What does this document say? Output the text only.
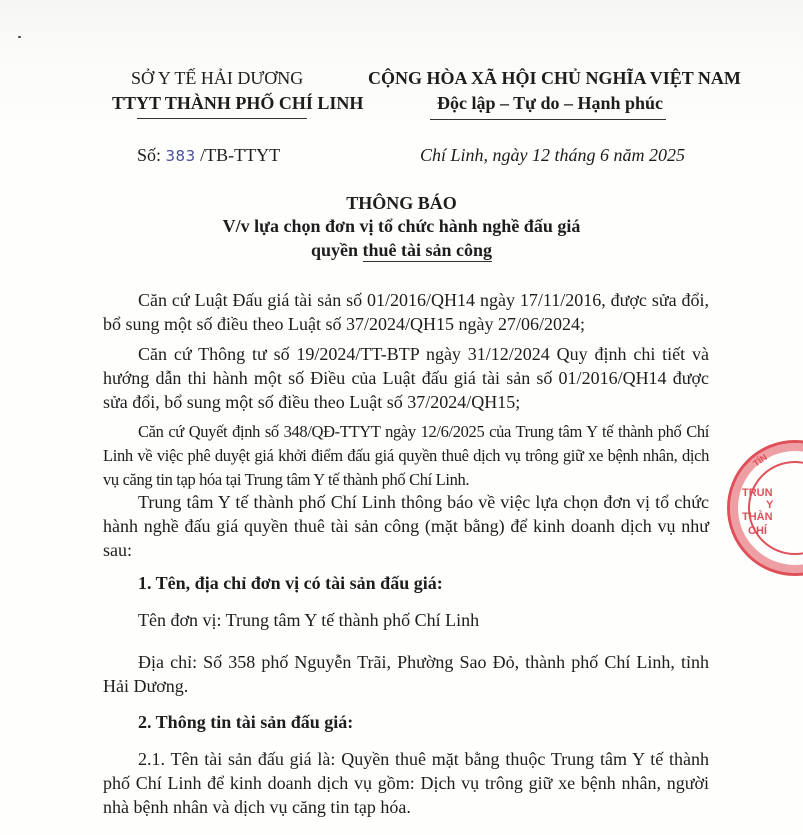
SỞ Y TẾ HẢI DƯƠNG
TTYT THÀNH PHỐ CHÍ LINH
CỘNG HÒA XÃ HỘI CHỦ NGHĨA VIỆT NAM
Độc lập – Tự do – Hạnh phúc
Số: 383 /TB-TTYT	Chí Linh, ngày 12 tháng 6 năm 2025
THÔNG BÁO
V/v lựa chọn đơn vị tổ chức hành nghề đấu giá
quyền thuê tài sản công
Căn cứ Luật Đấu giá tài sản số 01/2016/QH14 ngày 17/11/2016, được sửa đổi, bổ sung một số điều theo Luật số 37/2024/QH15 ngày 27/06/2024;
Căn cứ Thông tư số 19/2024/TT-BTP ngày 31/12/2024 Quy định chi tiết và hướng dẫn thi hành một số Điều của Luật đấu giá tài sản số 01/2016/QH14 được sửa đổi, bổ sung một số điều theo Luật số 37/2024/QH15;
Căn cứ Quyết định số 348/QĐ-TTYT ngày 12/6/2025 của Trung tâm Y tế thành phố Chí Linh về việc phê duyệt giá khởi điểm đấu giá quyền thuê dịch vụ trông giữ xe bệnh nhân, dịch vụ căng tin tạp hóa tại Trung tâm Y tế thành phố Chí Linh.
Trung tâm Y tế thành phố Chí Linh thông báo về việc lựa chọn đơn vị tổ chức hành nghề đấu giá quyền thuê tài sản công (mặt bằng) để kinh doanh dịch vụ như sau:
1. Tên, địa chỉ đơn vị có tài sản đấu giá:
Tên đơn vị: Trung tâm Y tế thành phố Chí Linh
Địa chỉ: Số 358 phố Nguyễn Trãi, Phường Sao Đỏ, thành phố Chí Linh, tỉnh Hải Dương.
2. Thông tin tài sản đấu giá:
2.1. Tên tài sản đấu giá là: Quyền thuê mặt bằng thuộc Trung tâm Y tế thành phố Chí Linh để kinh doanh dịch vụ gồm: Dịch vụ trông giữ xe bệnh nhân, người nhà bệnh nhân và dịch vụ căng tin tạp hóa.
TỈN
TRUN
Y
THÀN
CHÍ
